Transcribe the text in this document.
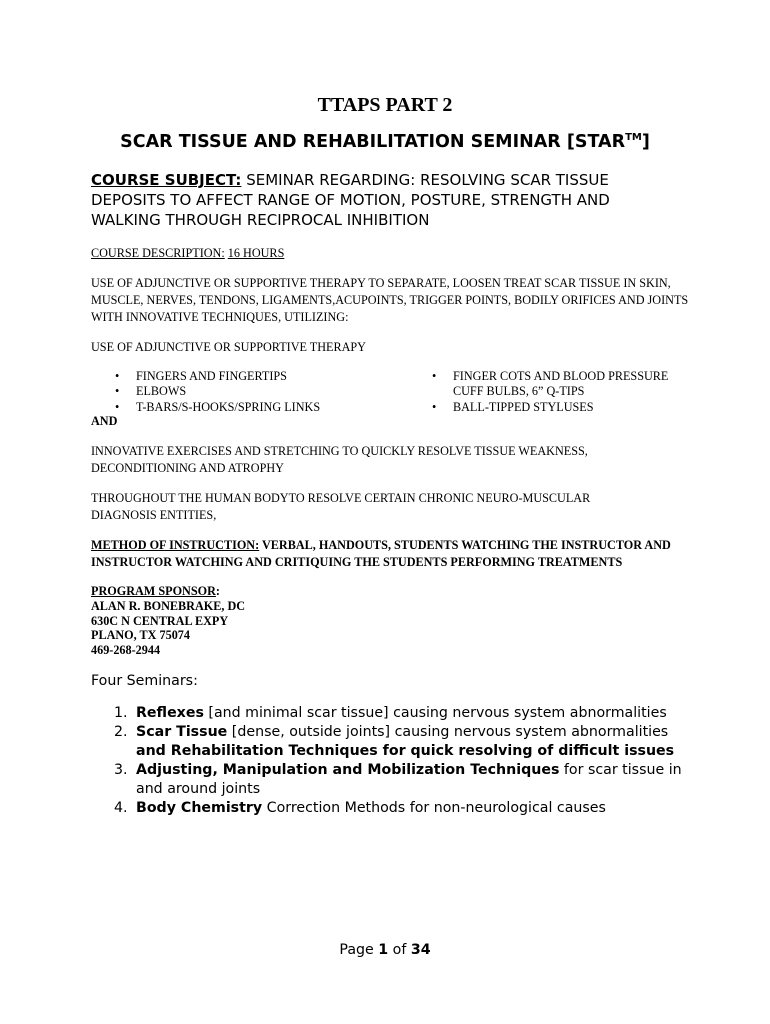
TTAPS PART 2
SCAR TISSUE AND REHABILITATION SEMINAR [STAR™]
COURSE SUBJECT: SEMINAR REGARDING: RESOLVING SCAR TISSUE DEPOSITS TO AFFECT RANGE OF MOTION, POSTURE, STRENGTH AND WALKING THROUGH RECIPROCAL INHIBITION
COURSE DESCRIPTION: 16 HOURS
USE OF ADJUNCTIVE OR SUPPORTIVE THERAPY TO SEPARATE, LOOSEN TREAT SCAR TISSUE IN SKIN, MUSCLE, NERVES, TENDONS, LIGAMENTS,ACUPOINTS, TRIGGER POINTS, BODILY ORIFICES AND JOINTS WITH INNOVATIVE TECHNIQUES, UTILIZING:
USE OF ADJUNCTIVE OR SUPPORTIVE THERAPY
• FINGERS AND FINGERTIPS
• ELBOWS
• T-BARS/S-HOOKS/SPRING LINKS
• FINGER COTS AND BLOOD PRESSURE CUFF BULBS, 6” Q-TIPS
• BALL-TIPPED STYLUSES
AND
INNOVATIVE EXERCISES AND STRETCHING TO QUICKLY RESOLVE TISSUE WEAKNESS, DECONDITIONING AND ATROPHY
THROUGHOUT THE HUMAN BODYTO RESOLVE CERTAIN CHRONIC NEURO-MUSCULAR DIAGNOSIS ENTITIES,
METHOD OF INSTRUCTION: VERBAL, HANDOUTS, STUDENTS WATCHING THE INSTRUCTOR AND INSTRUCTOR WATCHING AND CRITIQUING THE STUDENTS PERFORMING TREATMENTS
PROGRAM SPONSOR:
ALAN R. BONEBRAKE, DC
630C N CENTRAL EXPY
PLANO, TX 75074
469-268-2944
Four Seminars:
1. Reflexes [and minimal scar tissue] causing nervous system abnormalities
2. Scar Tissue [dense, outside joints] causing nervous system abnormalities and Rehabilitation Techniques for quick resolving of difficult issues
3. Adjusting, Manipulation and Mobilization Techniques for scar tissue in and around joints
4. Body Chemistry Correction Methods for non-neurological causes
Page 1 of 34
